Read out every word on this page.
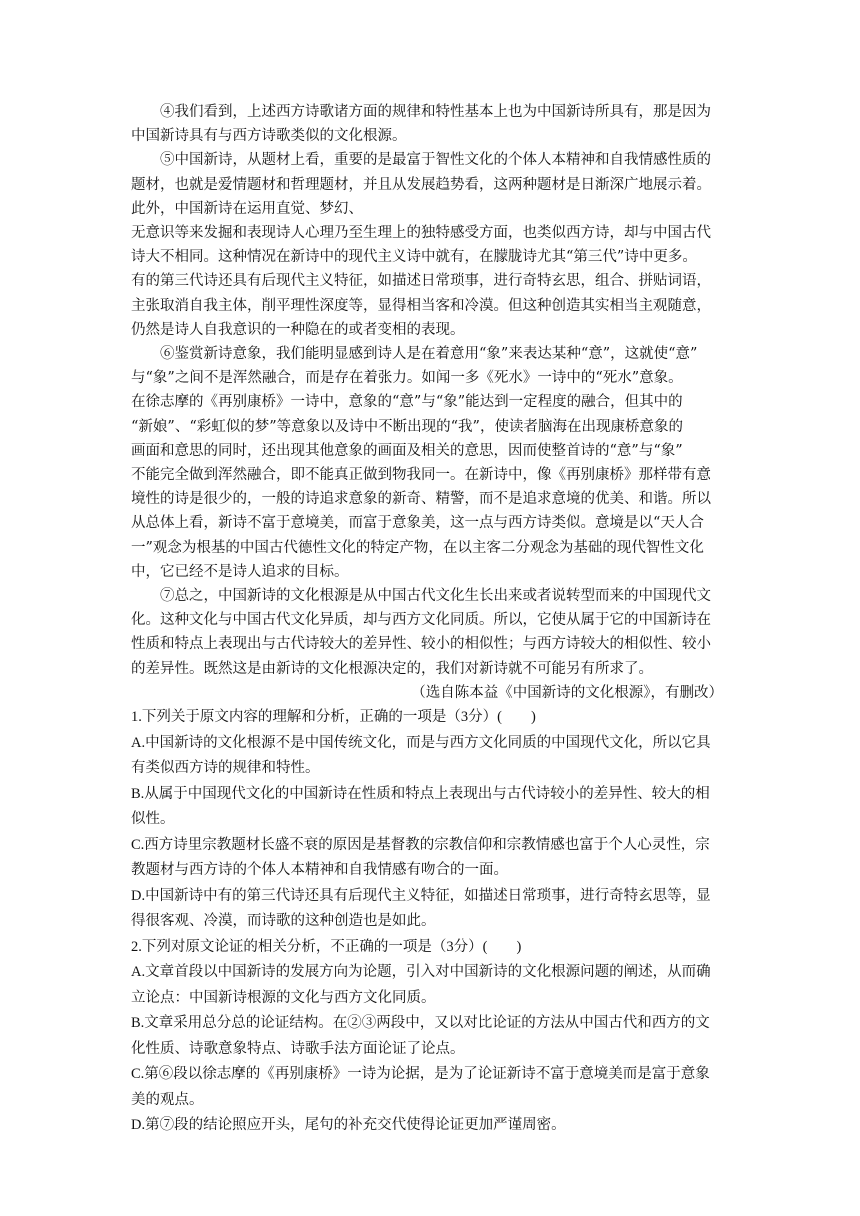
④我们看到，上述西方诗歌诸方面的规律和特性基本上也为中国新诗所具有，那是因为
中国新诗具有与西方诗歌类似的文化根源。
⑤中国新诗，从题材上看，重要的是最富于智性文化的个体人本精神和自我情感性质的
题材，也就是爱情题材和哲理题材，并且从发展趋势看，这两种题材是日渐深广地展示着。
此外，中国新诗在运用直觉、梦幻、
无意识等来发掘和表现诗人心理乃至生理上的独特感受方面，也类似西方诗，却与中国古代
诗大不相同。这种情况在新诗中的现代主义诗中就有，在朦胧诗尤其“第三代”诗中更多。
有的第三代诗还具有后现代主义特征，如描述日常琐事，进行奇特玄思，组合、拼贴词语，
主张取消自我主体，削平理性深度等，显得相当客和冷漠。但这种创造其实相当主观随意，
仍然是诗人自我意识的一种隐在的或者变相的表现。
⑥鉴赏新诗意象，我们能明显感到诗人是在着意用“象”来表达某种“意”，这就使“意”
与“象”之间不是浑然融合，而是存在着张力。如闻一多《死水》一诗中的“死水”意象。
在徐志摩的《再别康桥》一诗中，意象的“意”与“象”能达到一定程度的融合，但其中的
“新娘”、“彩虹似的梦”等意象以及诗中不断出现的“我”，使读者脑海在出现康桥意象的
画面和意思的同时，还出现其他意象的画面及相关的意思，因而使整首诗的“意”与“象”
不能完全做到浑然融合，即不能真正做到物我同一。在新诗中，像《再别康桥》那样带有意
境性的诗是很少的，一般的诗追求意象的新奇、精警，而不是追求意境的优美、和谐。所以
从总体上看，新诗不富于意境美，而富于意象美，这一点与西方诗类似。意境是以“天人合
一”观念为根基的中国古代德性文化的特定产物，在以主客二分观念为基础的现代智性文化
中，它已经不是诗人追求的目标。
⑦总之，中国新诗的文化根源是从中国古代文化生长出来或者说转型而来的中国现代文
化。这种文化与中国古代文化异质，却与西方文化同质。所以，它使从属于它的中国新诗在
性质和特点上表现出与古代诗较大的差异性、较小的相似性；与西方诗较大的相似性、较小
的差异性。既然这是由新诗的文化根源决定的，我们对新诗就不可能另有所求了。
（选自陈本益《中国新诗的文化根源》，有删改）
1.下列关于原文内容的理解和分析，正确的一项是（3分）(　　)
A.中国新诗的文化根源不是中国传统文化，而是与西方文化同质的中国现代文化，所以它具
有类似西方诗的规律和特性。
B.从属于中国现代文化的中国新诗在性质和特点上表现出与古代诗较小的差异性、较大的相
似性。
C.西方诗里宗教题材长盛不衰的原因是基督教的宗教信仰和宗教情感也富于个人心灵性，宗
教题材与西方诗的个体人本精神和自我情感有吻合的一面。
D.中国新诗中有的第三代诗还具有后现代主义特征，如描述日常琐事，进行奇特玄思等，显
得很客观、冷漠，而诗歌的这种创造也是如此。
2.下列对原文论证的相关分析，不正确的一项是（3分）(　　)
A.文章首段以中国新诗的发展方向为论题，引入对中国新诗的文化根源问题的阐述，从而确
立论点：中国新诗根源的文化与西方文化同质。
B.文章采用总分总的论证结构。在②③两段中，又以对比论证的方法从中国古代和西方的文
化性质、诗歌意象特点、诗歌手法方面论证了论点。
C.第⑥段以徐志摩的《再别康桥》一诗为论据，是为了论证新诗不富于意境美而是富于意象
美的观点。
D.第⑦段的结论照应开头，尾句的补充交代使得论证更加严谨周密。
